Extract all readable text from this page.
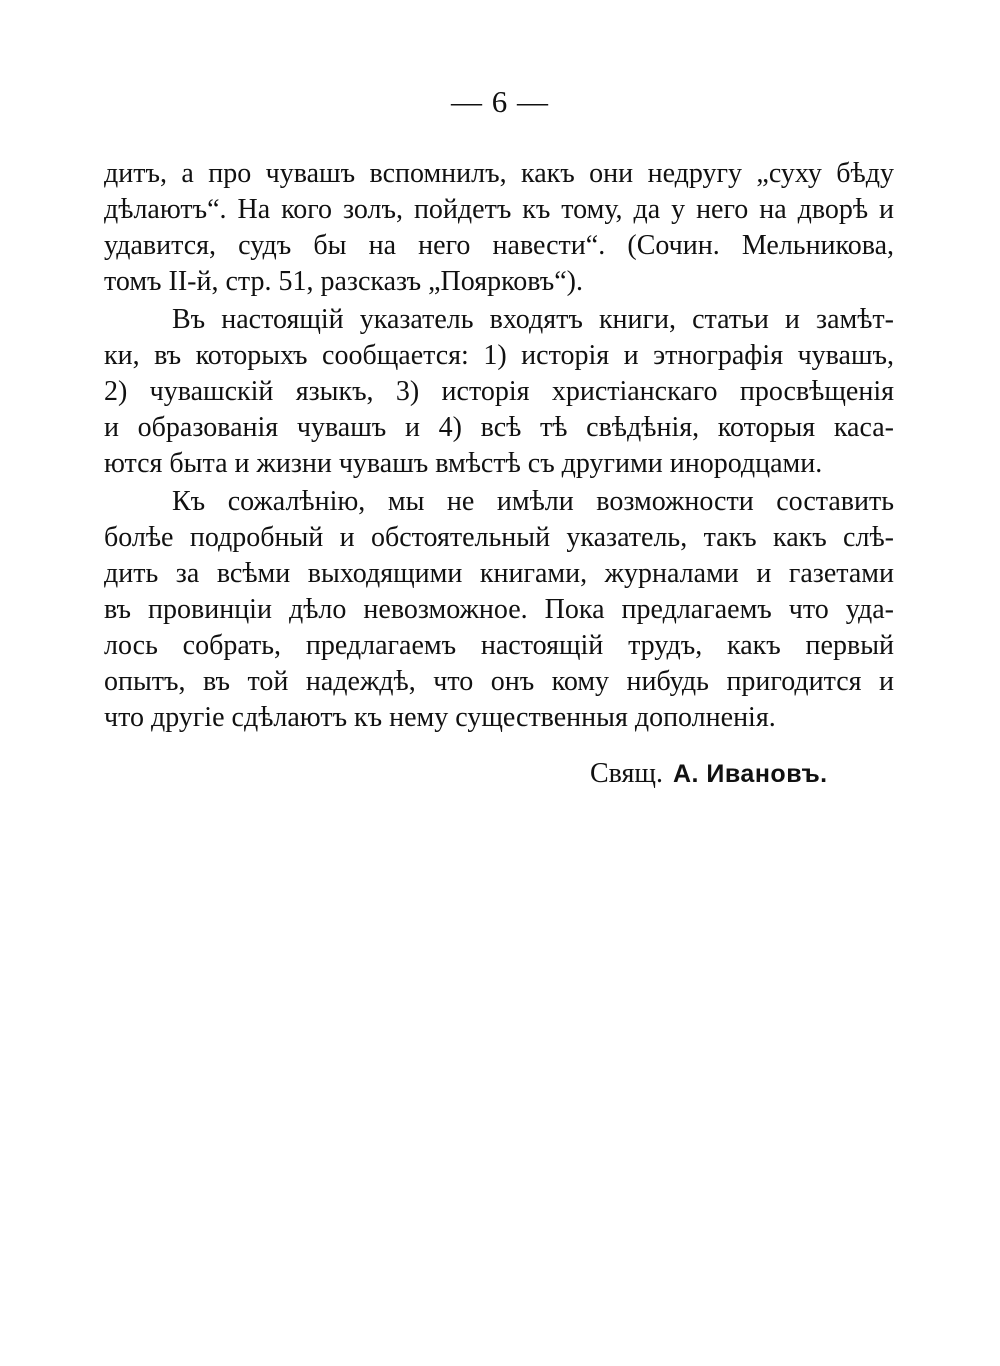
— 6 —
дитъ, а про чувашъ вспомнилъ, какъ они недругу „суху бѣду
дѣлаютъ“. На кого золъ, пойдетъ къ тому, да у него на дворѣ и
удавится, судъ бы на него навести“. (Сочин. Мельникова,
томъ II-й, стр. 51, разсказъ „Поярковъ“).
Въ настоящій указатель входятъ книги, статьи и замѣт-
ки, въ которыхъ сообщается: 1) исторія и этнографія чувашъ,
2) чувашскій языкъ, 3) исторія христіанскаго просвѣщенія
и образованія чувашъ и 4) всѣ тѣ свѣдѣнія, которыя каса-
ются быта и жизни чувашъ вмѣстѣ съ другими инородцами.
Къ сожалѣнію, мы не имѣли возможности составить
болѣе подробный и обстоятельный указатель, такъ какъ слѣ-
дить за всѣми выходящими книгами, журналами и газетами
въ провинціи дѣло невозможное. Пока предлагаемъ что уда-
лось собрать, предлагаемъ настоящій трудъ, какъ первый
опытъ, въ той надеждѣ, что онъ кому нибудь пригодится и
что другіе сдѣлаютъ къ нему существенныя дополненія.
Свящ. А. Ивановъ.
